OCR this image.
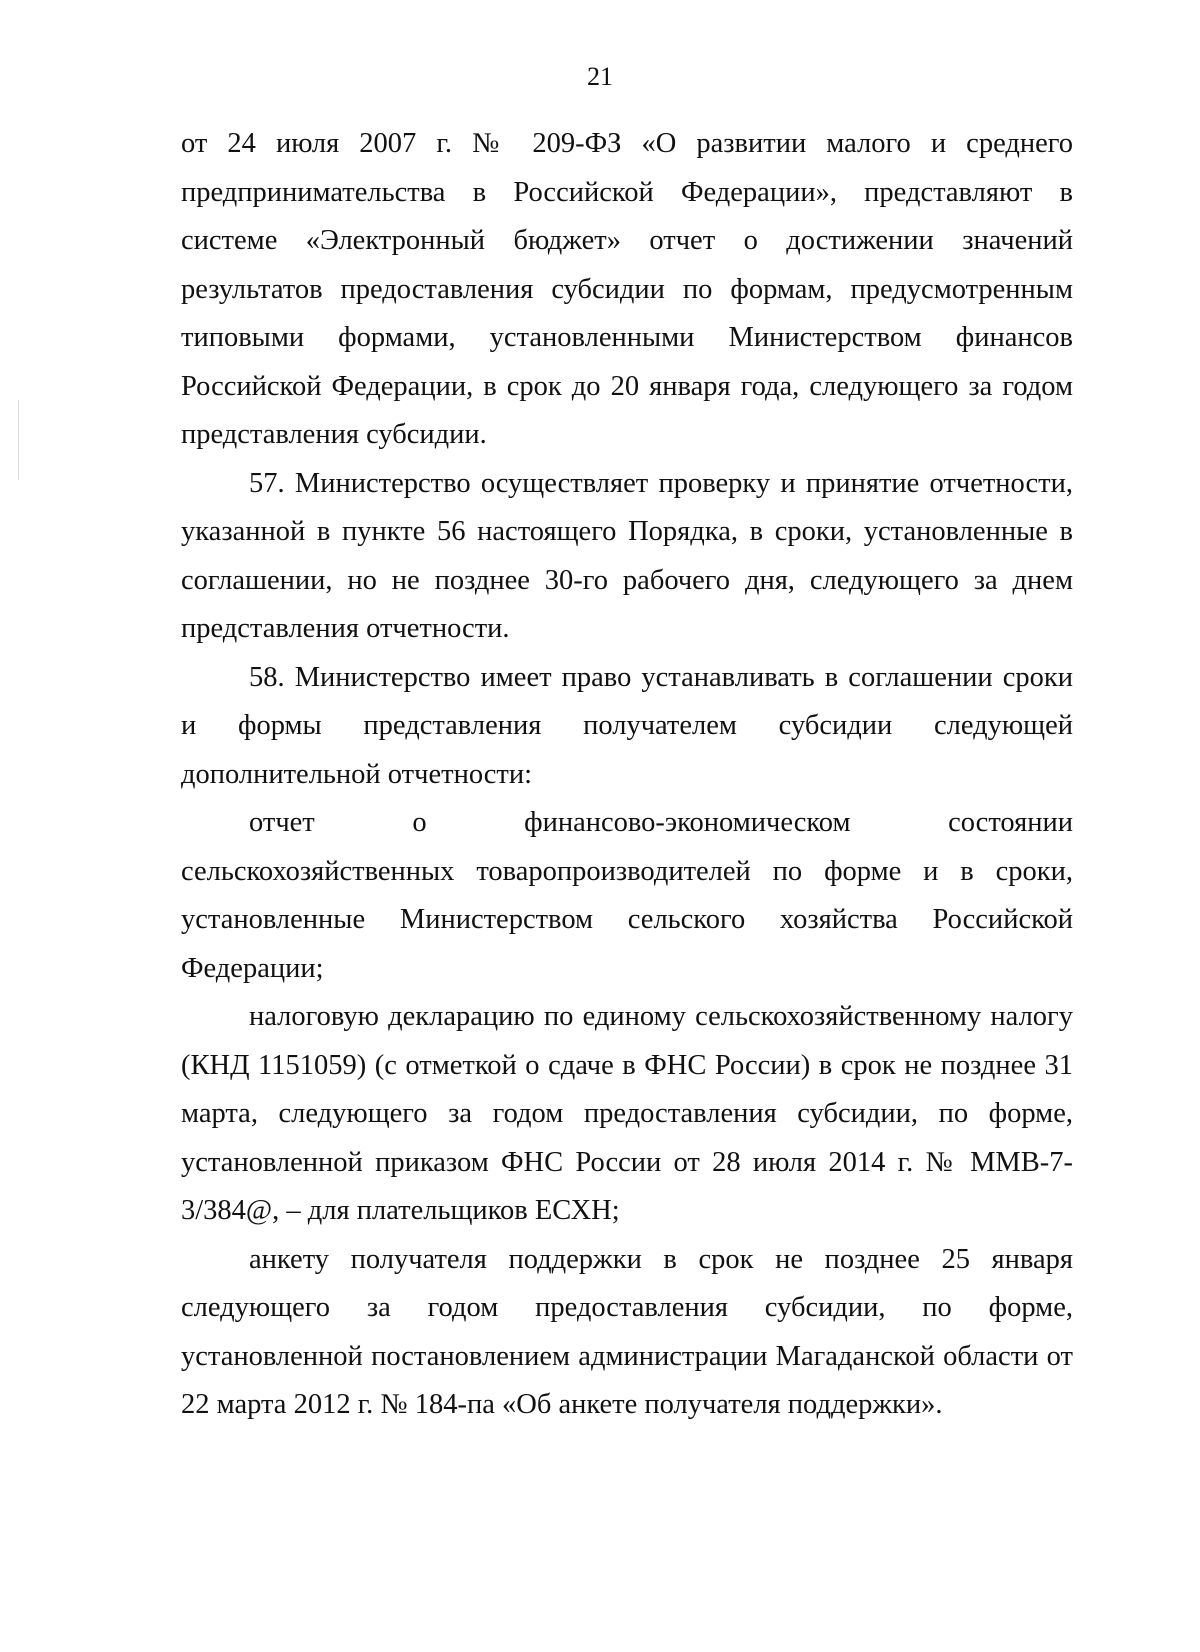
21

от 24 июля 2007 г. № 209-ФЗ «О развитии малого и среднего предпринимательства в Российской Федерации», представляют в системе «Электронный бюджет» отчет о достижении значений результатов предоставления субсидии по формам, предусмотренным типовыми формами, установленными Министерством финансов Российской Федерации, в срок до 20 января года, следующего за годом представления субсидии.

57. Министерство осуществляет проверку и принятие отчетности, указанной в пункте 56 настоящего Порядка, в сроки, установленные в соглашении, но не позднее 30-го рабочего дня, следующего за днем представления отчетности.

58. Министерство имеет право устанавливать в соглашении сроки и формы представления получателем субсидии следующей дополнительной отчетности:

отчет о финансово-экономическом состоянии

сельскохозяйственных товаропроизводителей по форме и в сроки, установленные Министерством сельского хозяйства Российской Федерации;

налоговую декларацию по единому сельскохозяйственному налогу (КНД 1151059) (с отметкой о сдаче в ФНС России) в срок не позднее 31 марта, следующего за годом предоставления субсидии, по форме, установленной приказом ФНС России от 28 июля 2014 г. № ММВ-7-3/384@, – для плательщиков ЕСХН;

анкету получателя поддержки в срок не позднее 25 января следующего за годом предоставления субсидии, по форме, установленной постановлением администрации Магаданской области от 22 марта 2012 г. № 184-па «Об анкете получателя поддержки».
